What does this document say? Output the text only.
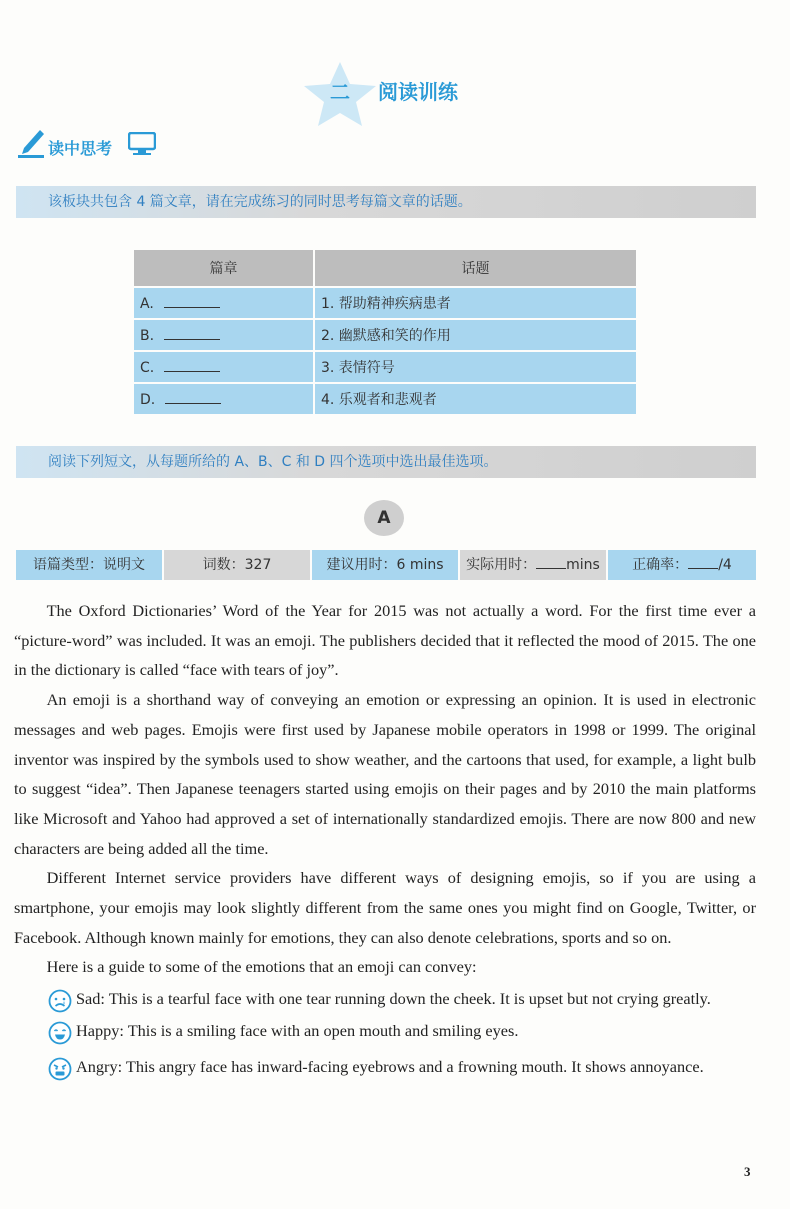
二	阅读训练
读中思考
该板块共包含 4 篇文章，请在完成练习的同时思考每篇文章的话题。
篇章	话题
A.	1. 帮助精神疾病患者
B.	2. 幽默感和笑的作用
C.	3. 表情符号
D.	4. 乐观者和悲观者
阅读下列短文，从每题所给的 A、B、C 和 D 四个选项中选出最佳选项。
A
语篇类型：说明文	词数：327	建议用时：6 mins	实际用时： mins	正确率： /4

The Oxford Dictionaries’ Word of the Year for 2015 was not actually a word. For the first time ever a “picture-word” was included. It was an emoji. The publishers decided that it reflected the mood of 2015. The one in the dictionary is called “face with tears of joy”.

An emoji is a shorthand way of conveying an emotion or expressing an opinion. It is used in electronic messages and web pages. Emojis were first used by Japanese mobile operators in 1998 or 1999. The original inventor was inspired by the symbols used to show weather, and the cartoons that used, for example, a light bulb to suggest “idea”. Then Japanese teenagers started using emojis on their pages and by 2010 the main platforms like Microsoft and Yahoo had approved a set of internationally standardized emojis. There are now 800 and new characters are being added all the time.

Different Internet service providers have different ways of designing emojis, so if you are using a smartphone, your emojis may look slightly different from the same ones you might find on Google, Twitter, or Facebook. Although known mainly for emotions, they can also denote celebrations, sports and so on.

Here is a guide to some of the emotions that an emoji can convey:

Sad: This is a tearful face with one tear running down the cheek. It is upset but not crying greatly.
Happy: This is a smiling face with an open mouth and smiling eyes.
Angry: This angry face has inward-facing eyebrows and a frowning mouth. It shows annoyance.
3
